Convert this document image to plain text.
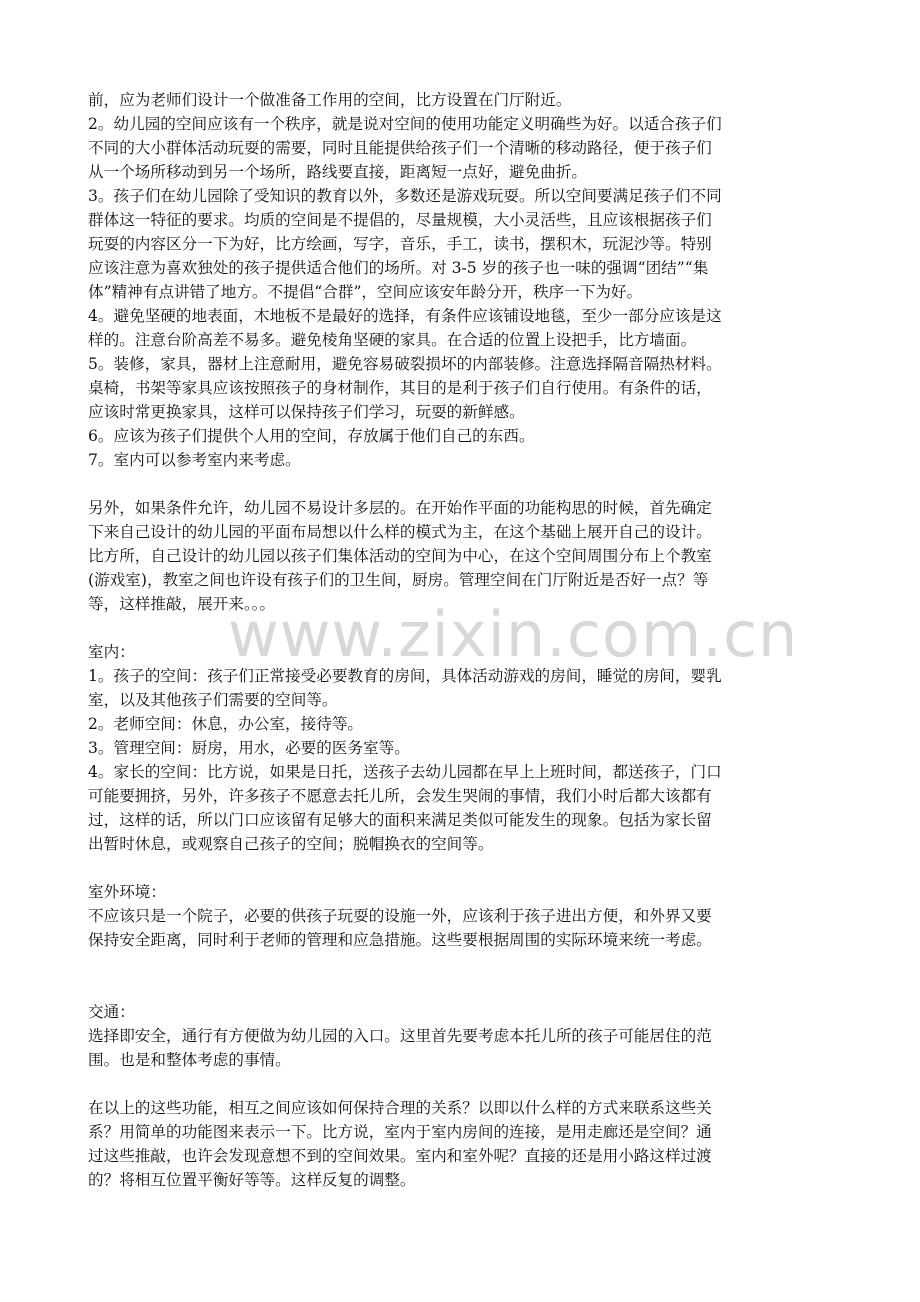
前，应为老师们设计一个做准备工作用的空间，比方设置在门厅附近。
2。幼儿园的空间应该有一个秩序，就是说对空间的使用功能定义明确些为好。以适合孩子们
不同的大小群体活动玩耍的需要，同时且能提供给孩子们一个清晰的移动路径，便于孩子们
从一个场所移动到另一个场所，路线要直接，距离短一点好，避免曲折。
3。孩子们在幼儿园除了受知识的教育以外，多数还是游戏玩耍。所以空间要满足孩子们不同
群体这一特征的要求。均质的空间是不提倡的，尽量规模，大小灵活些，且应该根据孩子们
玩耍的内容区分一下为好，比方绘画，写字，音乐，手工，读书，摆积木，玩泥沙等。特别
应该注意为喜欢独处的孩子提供适合他们的场所。对 3-5 岁的孩子也一味的强调“团结”“集
体”精神有点讲错了地方。不提倡“合群”，空间应该安年龄分开，秩序一下为好。
4。避免坚硬的地表面，木地板不是最好的选择，有条件应该铺设地毯，至少一部分应该是这
样的。注意台阶高差不易多。避免棱角坚硬的家具。在合适的位置上设把手，比方墙面。
5。装修，家具，器材上注意耐用，避免容易破裂损坏的内部装修。注意选择隔音隔热材料。
桌椅，书架等家具应该按照孩子的身材制作，其目的是利于孩子们自行使用。有条件的话，
应该时常更换家具，这样可以保持孩子们学习，玩耍的新鲜感。
6。应该为孩子们提供个人用的空间，存放属于他们自己的东西。
7。室内可以参考室内来考虑。
另外，如果条件允许，幼儿园不易设计多层的。在开始作平面的功能构思的时候，首先确定
下来自己设计的幼儿园的平面布局想以什么样的模式为主，在这个基础上展开自己的设计。
比方所，自己设计的幼儿园以孩子们集体活动的空间为中心，在这个空间周围分布上个教室
(游戏室)，教室之间也许设有孩子们的卫生间，厨房。管理空间在门厅附近是否好一点？等
等，这样推敲，展开来。。。
室内：
1。孩子的空间：孩子们正常接受必要教育的房间，具体活动游戏的房间，睡觉的房间，婴乳
室，以及其他孩子们需要的空间等。
2。老师空间：休息，办公室，接待等。
3。管理空间：厨房，用水，必要的医务室等。
4。家长的空间：比方说，如果是日托，送孩子去幼儿园都在早上上班时间，都送孩子，门口
可能要拥挤，另外，许多孩子不愿意去托儿所，会发生哭闹的事情，我们小时后都大该都有
过，这样的话，所以门口应该留有足够大的面积来满足类似可能发生的现象。包括为家长留
出暂时休息，或观察自己孩子的空间；脱帽换衣的空间等。
室外环境：
不应该只是一个院子，必要的供孩子玩耍的设施一外，应该利于孩子进出方便，和外界又要
保持安全距离，同时利于老师的管理和应急措施。这些要根据周围的实际环境来统一考虑。
交通：
选择即安全，通行有方便做为幼儿园的入口。这里首先要考虑本托儿所的孩子可能居住的范
围。也是和整体考虑的事情。
在以上的这些功能，相互之间应该如何保持合理的关系？以即以什么样的方式来联系这些关
系？用简单的功能图来表示一下。比方说，室内于室内房间的连接，是用走廊还是空间？通
过这些推敲，也许会发现意想不到的空间效果。室内和室外呢？直接的还是用小路这样过渡
的？将相互位置平衡好等等。这样反复的调整。
www.zixin.com.cn
